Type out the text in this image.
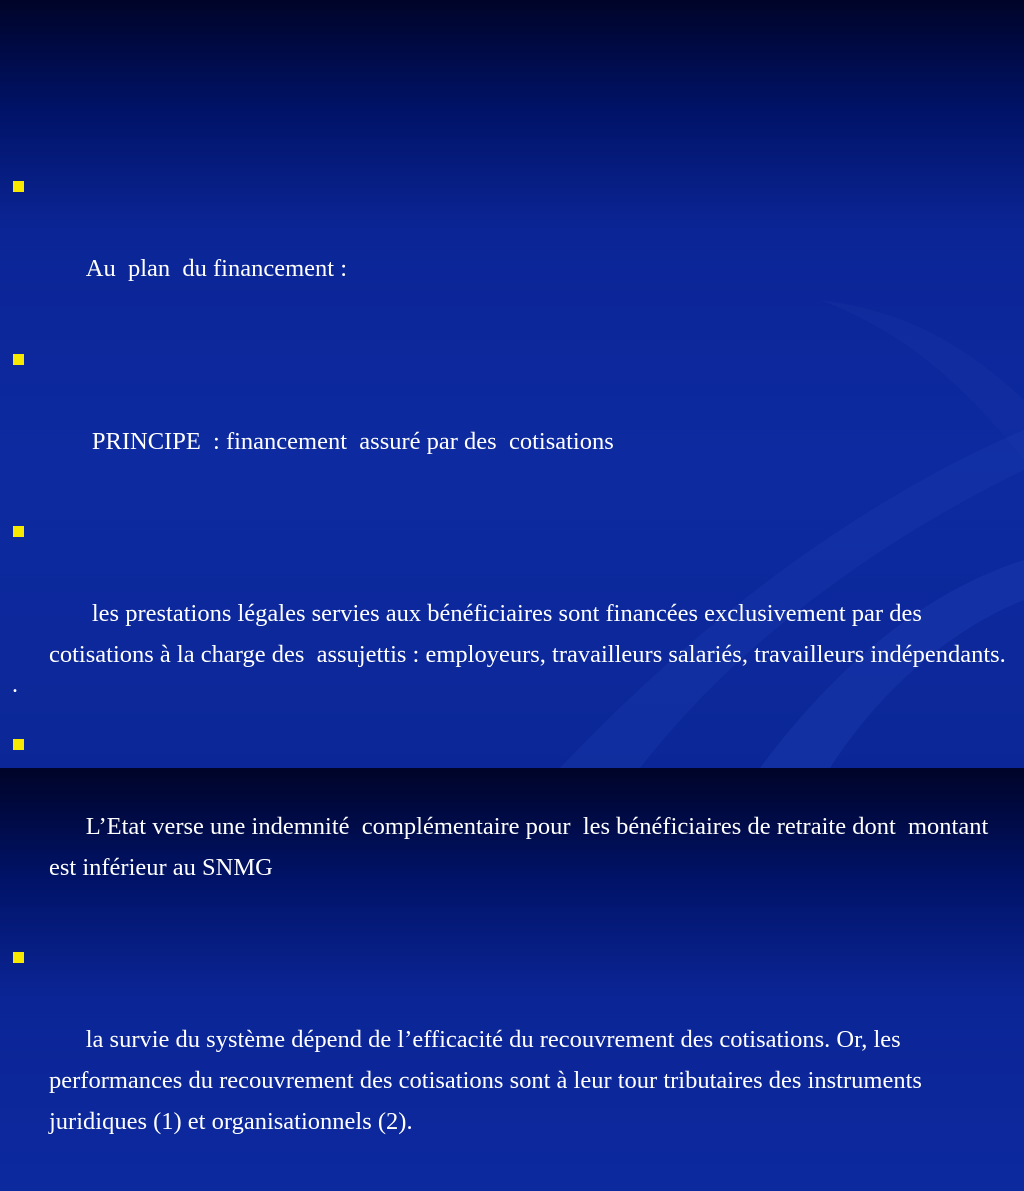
Au  plan  du financement :

PRINCIPE  : financement  assuré par des  cotisations

les prestations légales servies aux bénéficiaires sont financées exclusivement par des cotisations à la charge des  assujettis : employeurs, travailleurs salariés, travailleurs indépendants.

L’Etat verse une indemnité  complémentaire pour  les bénéficiaires de retraite dont  montant  est inférieur au SNMG

la survie du système dépend de l’efficacité du recouvrement des cotisations. Or, les performances du recouvrement des cotisations sont à leur tour tributaires des instruments juridiques (1) et organisationnels (2).

.
